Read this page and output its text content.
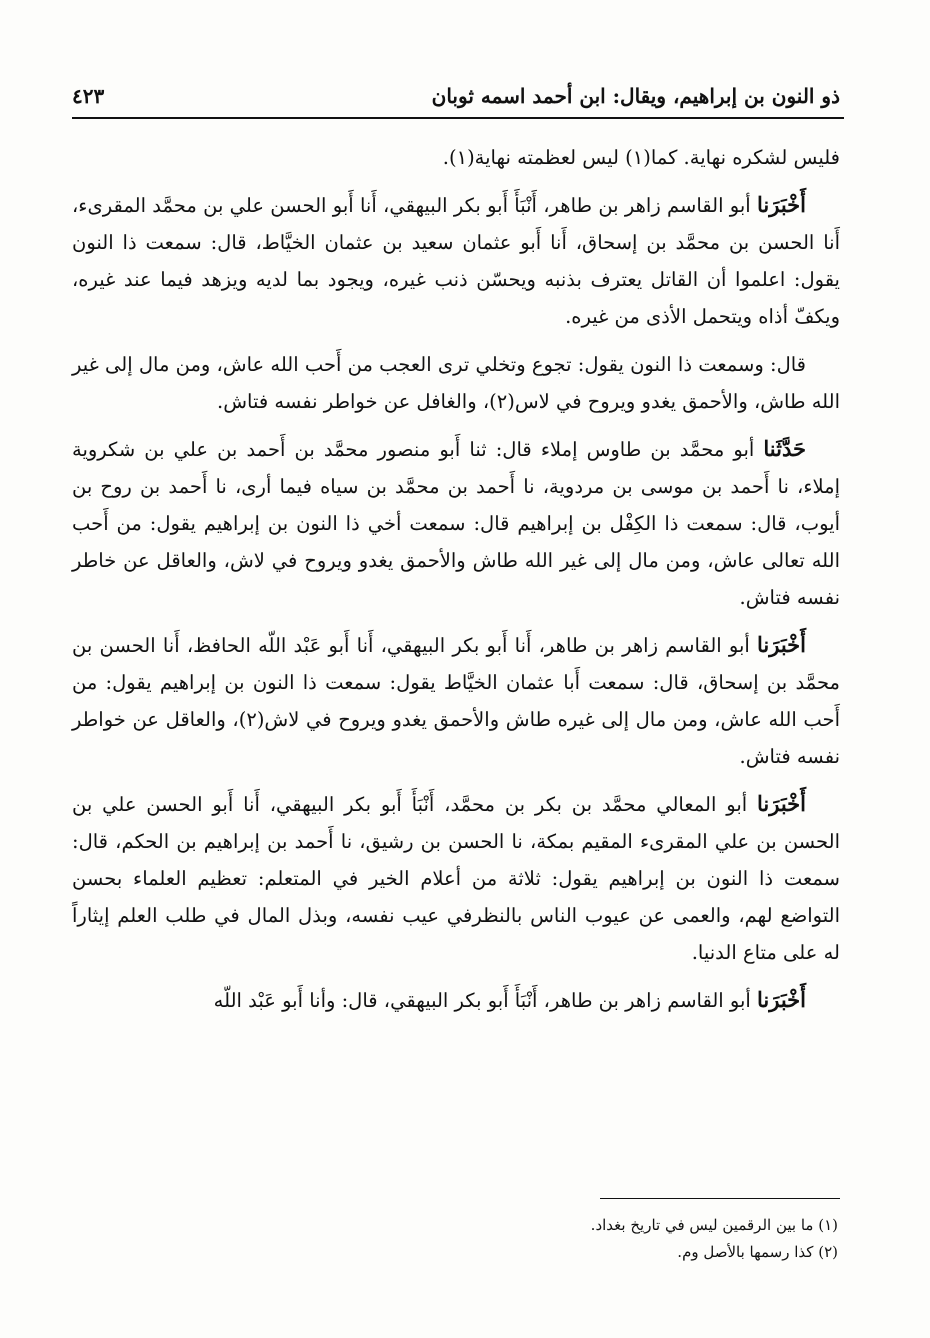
ذو النون بن إبراهيم، ويقال: ابن أحمد اسمه ثوبان
٤٢٣

فليس لشكره نهاية. كما(١) ليس لعظمته نهاية(١).

أَخْبَرَنا أبو القاسم زاهر بن طاهر، أَنْبَأَ أَبو بكر البيهقي، أَنا أَبو الحسن علي بن محمَّد المقرىء، أَنا الحسن بن محمَّد بن إسحاق، أَنا أَبو عثمان سعيد بن عثمان الخيَّاط، قال: سمعت ذا النون يقول: اعلموا أن القاتل يعترف بذنبه ويحسّن ذنب غيره، ويجود بما لديه ويزهد فيما عند غيره، ويكفّ أذاه ويتحمل الأذى من غيره.

قال: وسمعت ذا النون يقول: تجوع وتخلي ترى العجب من أَحب الله عاش، ومن مال إلى غير الله طاش، والأحمق يغدو ويروح في لاس(٢)، والغافل عن خواطر نفسه فتاش.

حَدَّثَنا أبو محمَّد بن طاوس إملاء قال: ثنا أَبو منصور محمَّد بن أَحمد بن علي بن شكروية إملاء، نا أَحمد بن موسى بن مردوية، نا أَحمد بن محمَّد بن سياه فيما أرى، نا أَحمد بن روح بن أيوب، قال: سمعت ذا الكِفْل بن إبراهيم قال: سمعت أخي ذا النون بن إبراهيم يقول: من أَحب الله تعالى عاش، ومن مال إلى غير الله طاش والأحمق يغدو ويروح في لاش، والعاقل عن خاطر نفسه فتاش.

أَخْبَرَنا أبو القاسم زاهر بن طاهر، أَنا أَبو بكر البيهقي، أَنا أَبو عَبْد اللّه الحافظ، أَنا الحسن بن محمَّد بن إسحاق، قال: سمعت أَبا عثمان الخيَّاط يقول: سمعت ذا النون بن إبراهيم يقول: من أَحب الله عاش، ومن مال إلى غيره طاش والأحمق يغدو ويروح في لاش(٢)، والعاقل عن خواطر نفسه فتاش.

أَخْبَرَنا أبو المعالي محمَّد بن بكر بن محمَّد، أَنْبَأَ أَبو بكر البيهقي، أَنا أَبو الحسن علي بن الحسن بن علي المقرىء المقيم بمكة، نا الحسن بن رشيق، نا أَحمد بن إبراهيم بن الحكم، قال: سمعت ذا النون بن إبراهيم يقول: ثلاثة من أعلام الخير في المتعلم: تعظيم العلماء بحسن التواضع لهم، والعمى عن عيوب الناس بالنظرفي عيب نفسه، وبذل المال في طلب العلم إيثاراً له على متاع الدنيا.

أَخْبَرَنا أبو القاسم زاهر بن طاهر، أَنْبَأَ أَبو بكر البيهقي، قال: وأنا أَبو عَبْد اللّه

(١) ما بين الرقمين ليس في تاريخ بغداد.

(٢) كذا رسمها بالأصل وم.
